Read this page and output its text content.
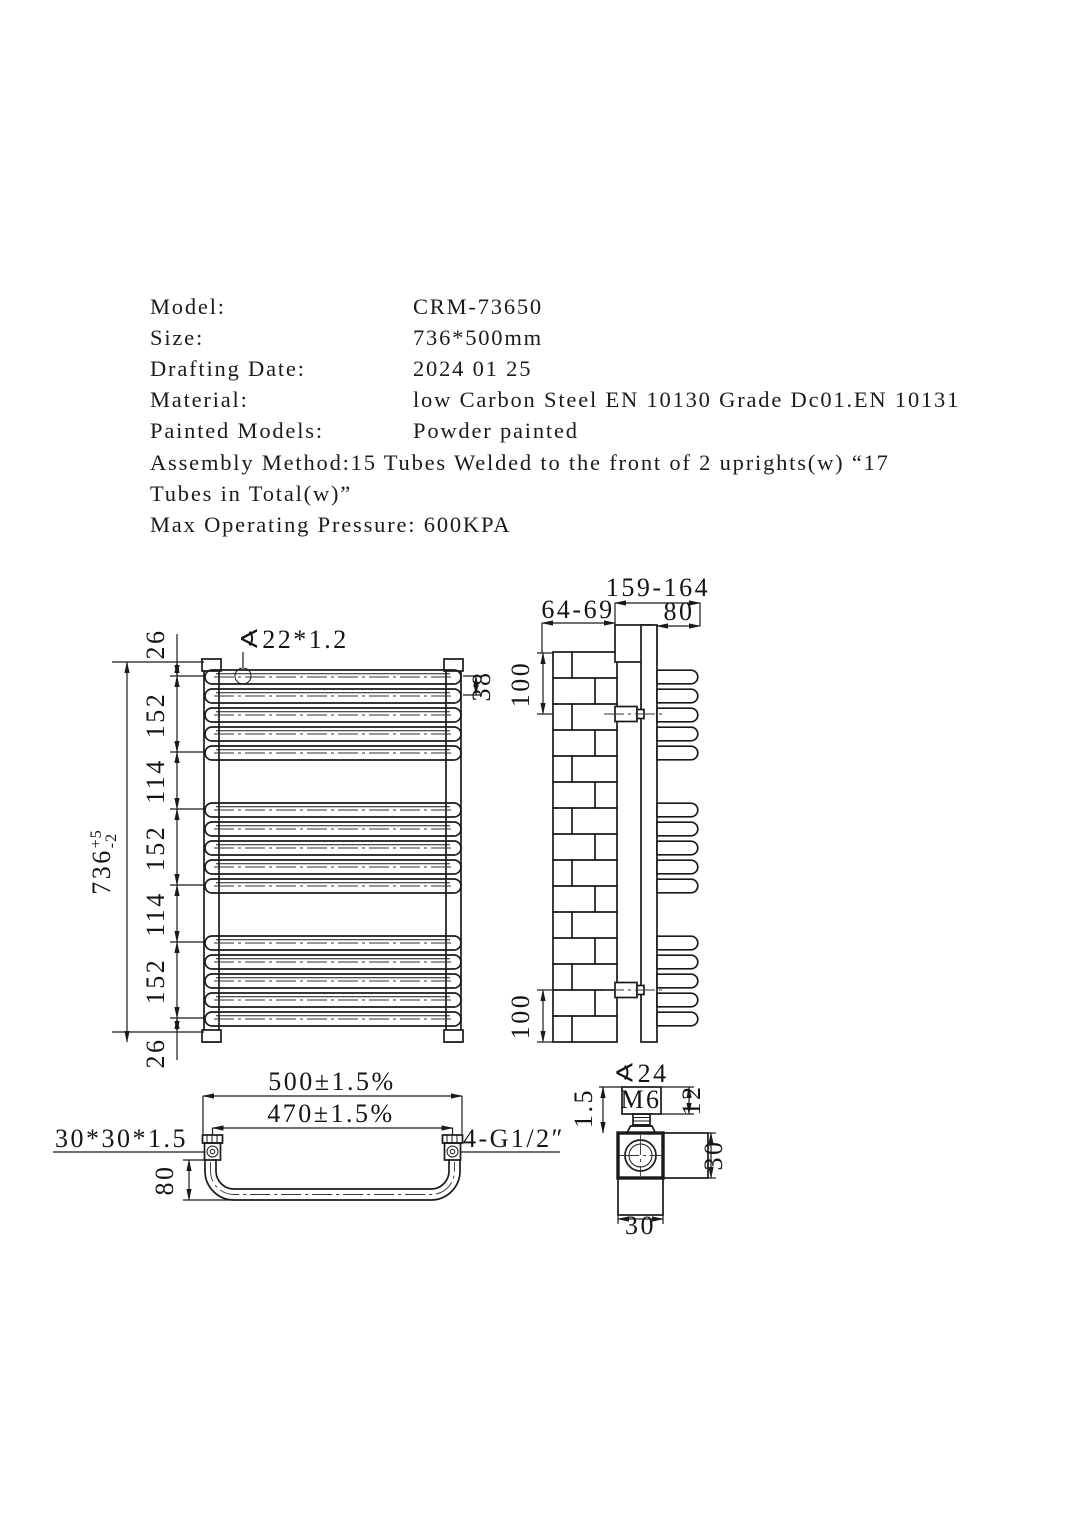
Model:	CRM-73650
Size:	736*500mm
Drafting Date:	2024 01 25
Material:	low Carbon Steel EN 10130 Grade Dc01.EN 10131
Painted Models:	Powder painted
Assembly Method:15 Tubes Welded to the front of 2 uprights(w) “17
Tubes in Total(w)”
Max Operating Pressure: 600KPA
26
152
114
152
114
152
26
$736^{+5}-2$
∢22*1.2
38
159-164
64-69 80
100
100
500±1.5%
470±1.5%
80
30*30*1.5	4-G1/2″
∢24
M6
1.5	12
30
30
